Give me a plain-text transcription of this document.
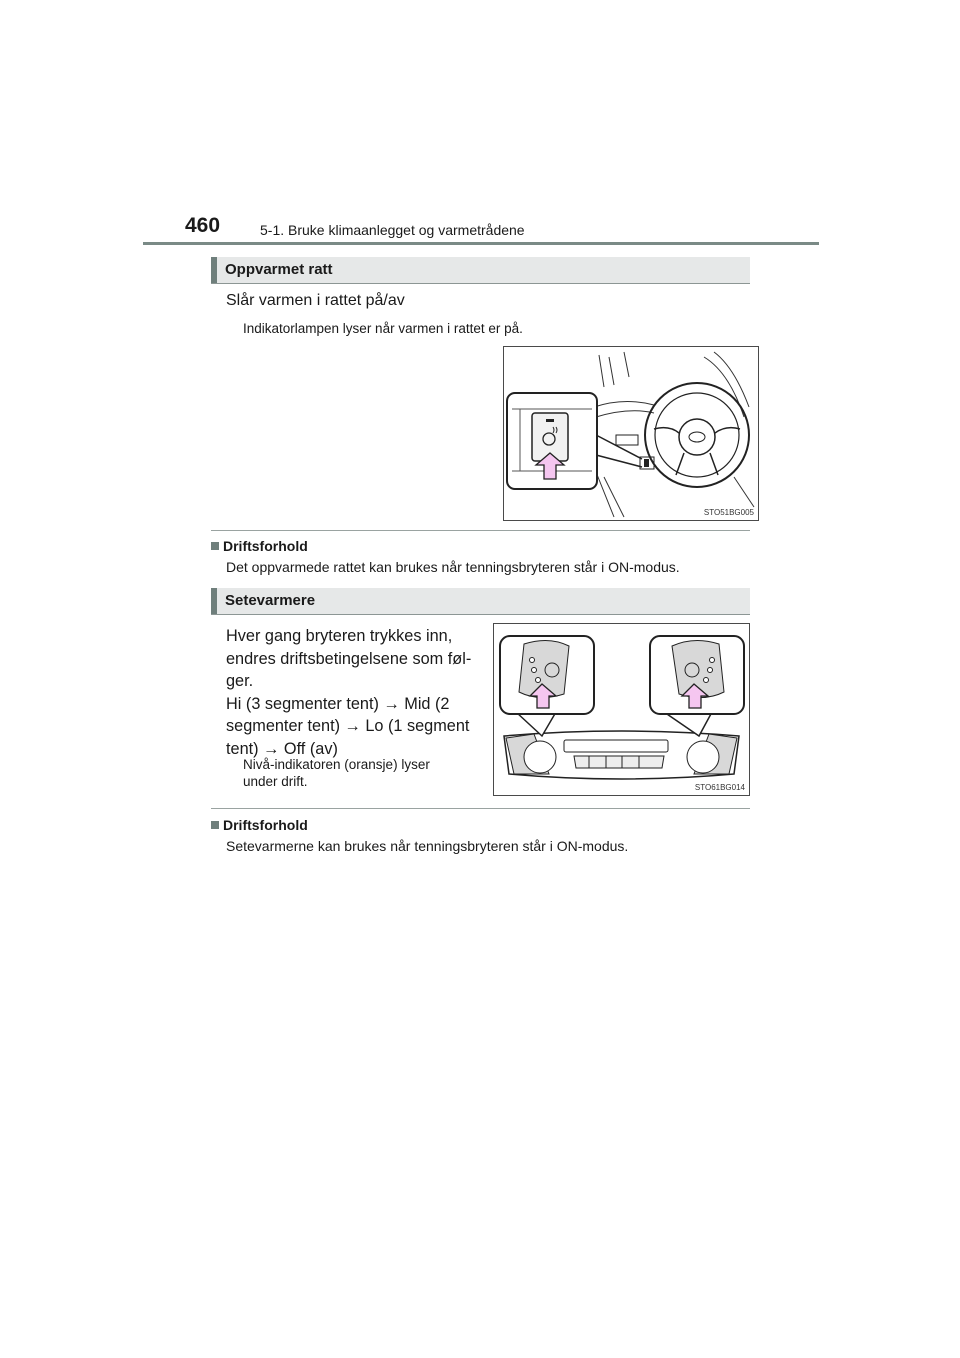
460	5-1. Bruke klimaanlegget og varmetrådene
Oppvarmet ratt
Slår varmen i rattet på/av
Indikatorlampen lyser når varmen i rattet er på.
STO51BG005
Driftsforhold
Det oppvarmede rattet kan brukes når tenningsbryteren står i ON-modus.
Setevarmere
Hver gang bryteren trykkes inn,
endres driftsbetingelsene som føl-
ger.
Hi (3 segmenter tent) → Mid (2
segmenter tent) → Lo (1 segment
tent) → Off (av)
Nivå-indikatoren (oransje) lyser
under drift.	STO61BG014
Driftsforhold
Setevarmerne kan brukes når tenningsbryteren står i ON-modus.
